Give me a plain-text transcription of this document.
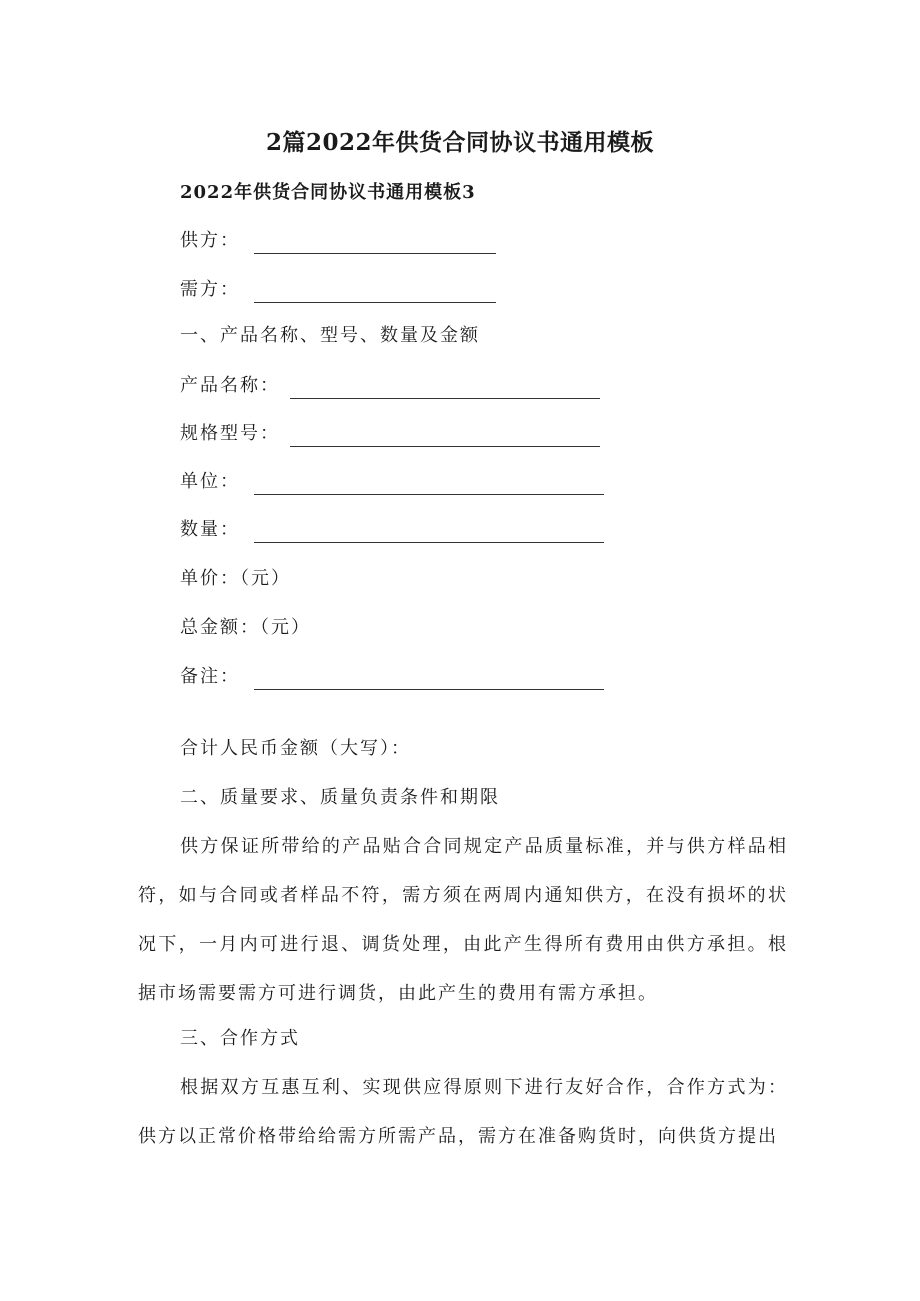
2篇2022年供货合同协议书通用模板
2022年供货合同协议书通用模板3
供方：
需方：
一、产品名称、型号、数量及金额
产品名称：
规格型号：
单位：
数量：
单价：（元）
总金额：（元）
备注：
合计人民币金额（大写）：
二、质量要求、质量负责条件和期限
供方保证所带给的产品贴合合同规定产品质量标准，并与供方样品相符，如与合同或者样品不符，需方须在两周内通知供方，在没有损坏的状况下，一月内可进行退、调货处理，由此产生得所有费用由供方承担。根据市场需要需方可进行调货，由此产生的费用有需方承担。
三、合作方式
根据双方互惠互利、实现供应得原则下进行友好合作，合作方式为：供方以正常价格带给给需方所需产品，需方在准备购货时，向供货方提出
